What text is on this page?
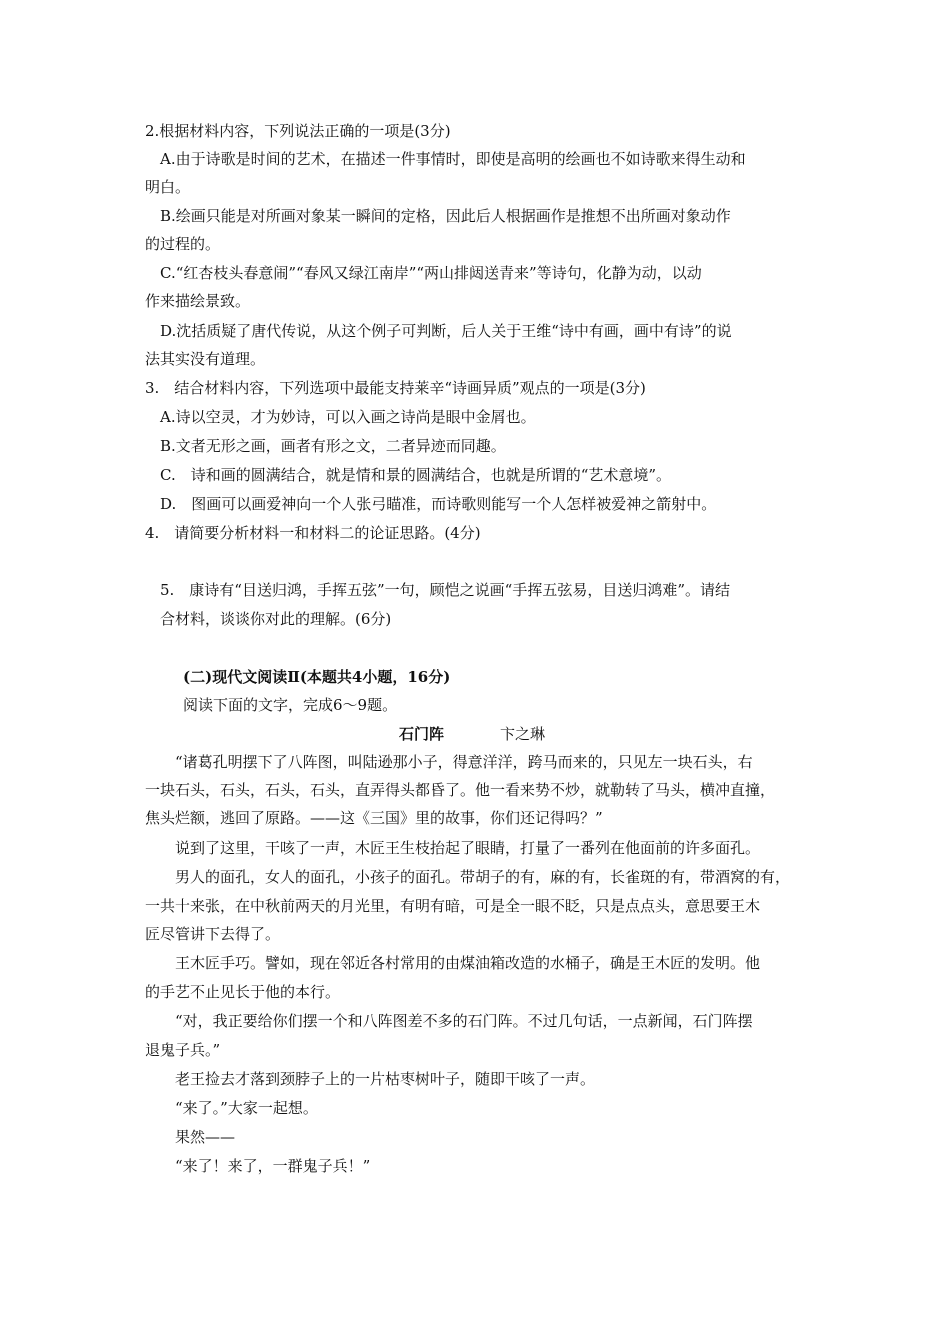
2.根据材料内容，下列说法正确的一项是(3分)
A.由于诗歌是时间的艺术，在描述一件事情时，即使是高明的绘画也不如诗歌来得生动和
明白。
B.绘画只能是对所画对象某一瞬间的定格，因此后人根据画作是推想不出所画对象动作
的过程的。
C.“红杏枝头春意闹”“春风又绿江南岸”“两山排闼送青来”等诗句，化静为动，以动
作来描绘景致。
D.沈括质疑了唐代传说，从这个例子可判断，后人关于王维“诗中有画，画中有诗”的说
法其实没有道理。
3.　结合材料内容，下列选项中最能支持莱辛“诗画异质”观点的一项是(3分)
A.诗以空灵，才为妙诗，可以入画之诗尚是眼中金屑也。
B.文者无形之画，画者有形之文，二者异迹而同趣。
C.　诗和画的圆满结合，就是情和景的圆满结合，也就是所谓的“艺术意境”。
D.　图画可以画爱神向一个人张弓瞄准，而诗歌则能写一个人怎样被爱神之箭射中。
4.　请简要分析材料一和材料二的论证思路。(4分)
5.　康诗有“目送归鸿，手挥五弦”一句，顾恺之说画“手挥五弦易，目送归鸿难”。请结
合材料，谈谈你对此的理解。(6分)
(二)现代文阅读Ⅱ(本题共4小题，16分)
阅读下面的文字，完成6～9题。
石门阵	卞之琳
“诸葛孔明摆下了八阵图，叫陆逊那小子，得意洋洋，跨马而来的，只见左一块石头，右
一块石头，石头，石头，石头，直弄得头都昏了。他一看来势不炒，就勒转了马头，横冲直撞，
焦头烂额，逃回了原路。——这《三国》里的故事，你们还记得吗？”
说到了这里，干咳了一声，木匠王生枝抬起了眼睛，打量了一番列在他面前的许多面孔。
男人的面孔，女人的面孔，小孩子的面孔。带胡子的有，麻的有，长雀斑的有，带酒窝的有，
一共十来张，在中秋前两天的月光里，有明有暗，可是全一眼不眨，只是点点头，意思要王木
匠尽管讲下去得了。
王木匠手巧。譬如，现在邻近各村常用的由煤油箱改造的水桶子，确是王木匠的发明。他
的手艺不止见长于他的本行。
“对，我正要给你们摆一个和八阵图差不多的石门阵。不过几句话，一点新闻，石门阵摆
退鬼子兵。”
老王捡去才落到颈脖子上的一片枯枣树叶子，随即干咳了一声。
“来了。”大家一起想。
果然——
“来了！来了，一群鬼子兵！”
